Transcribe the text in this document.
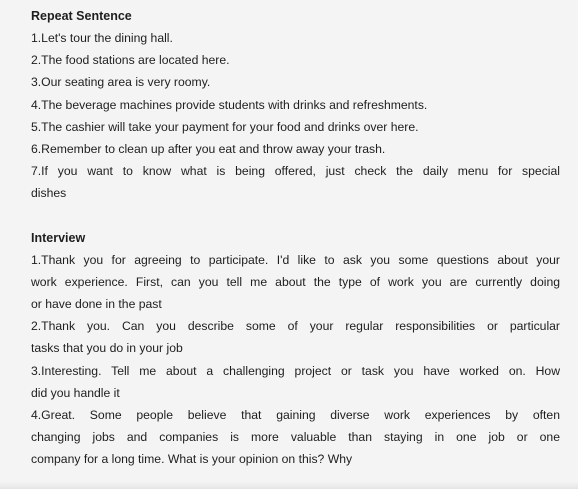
Repeat Sentence

1.Let's tour the dining hall.

2.The food stations are located here.

3.Our seating area is very roomy.

4.The beverage machines provide students with drinks and refreshments.

5.The cashier will take your payment for your food and drinks over here.

6.Remember to clean up after you eat and throw away your trash.

7.If you want to know what is being offered, just check the daily menu for special

dishes

Interview

1.Thank you for agreeing to participate. I'd like to ask you some questions about your

work experience. First, can you tell me about the type of work you are currently doing

or have done in the past

2.Thank you. Can you describe some of your regular responsibilities or particular

tasks that you do in your job

3.Interesting. Tell me about a challenging project or task you have worked on. How

did you handle it

4.Great. Some people believe that gaining diverse work experiences by often

changing jobs and companies is more valuable than staying in one job or one

company for a long time. What is your opinion on this? Why
